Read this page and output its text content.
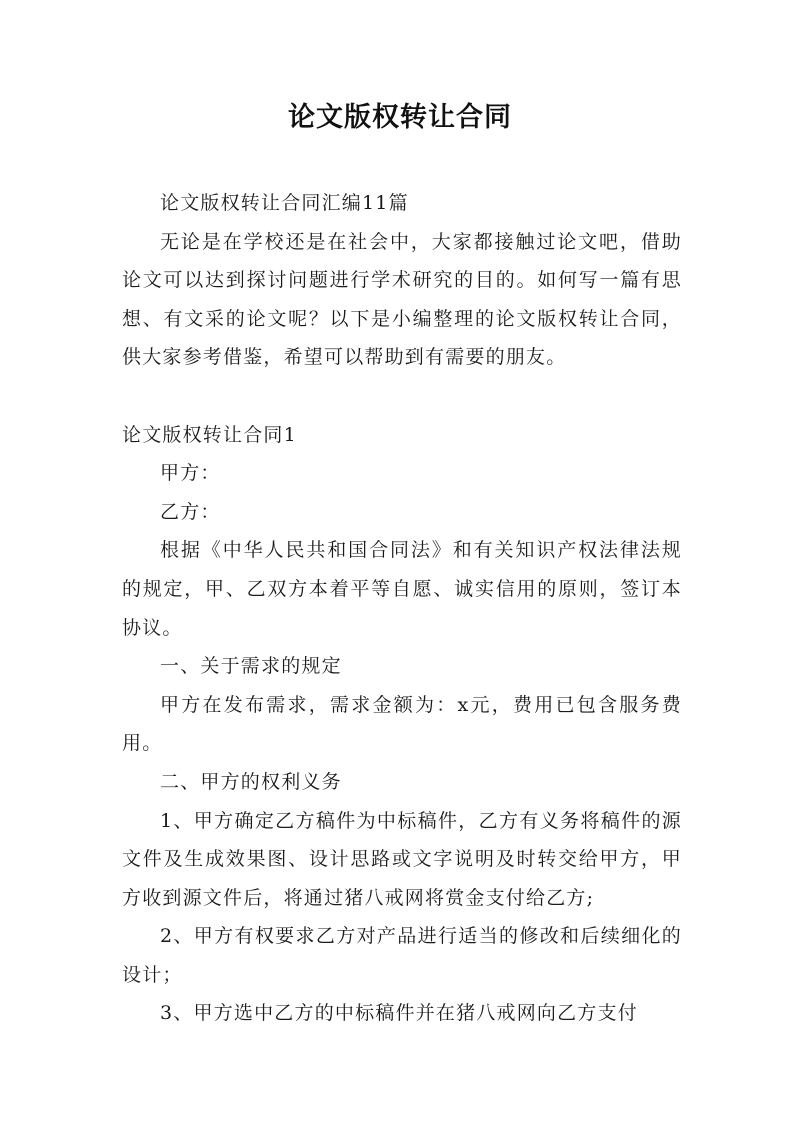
论文版权转让合同

论文版权转让合同汇编11篇

无论是在学校还是在社会中，大家都接触过论文吧，借助论文可以达到探讨问题进行学术研究的目的。如何写一篇有思想、有文采的论文呢？以下是小编整理的论文版权转让合同，供大家参考借鉴，希望可以帮助到有需要的朋友。

论文版权转让合同1

甲方：

乙方：

根据《中华人民共和国合同法》和有关知识产权法律法规的规定，甲、乙双方本着平等自愿、诚实信用的原则，签订本协议。

一、关于需求的规定

甲方在发布需求，需求金额为：x元，费用已包含服务费用。

二、甲方的权利义务

1、甲方确定乙方稿件为中标稿件，乙方有义务将稿件的源文件及生成效果图、设计思路或文字说明及时转交给甲方，甲方收到源文件后，将通过猪八戒网将赏金支付给乙方;

2、甲方有权要求乙方对产品进行适当的修改和后续细化的设计；

3、甲方选中乙方的中标稿件并在猪八戒网向乙方支付
